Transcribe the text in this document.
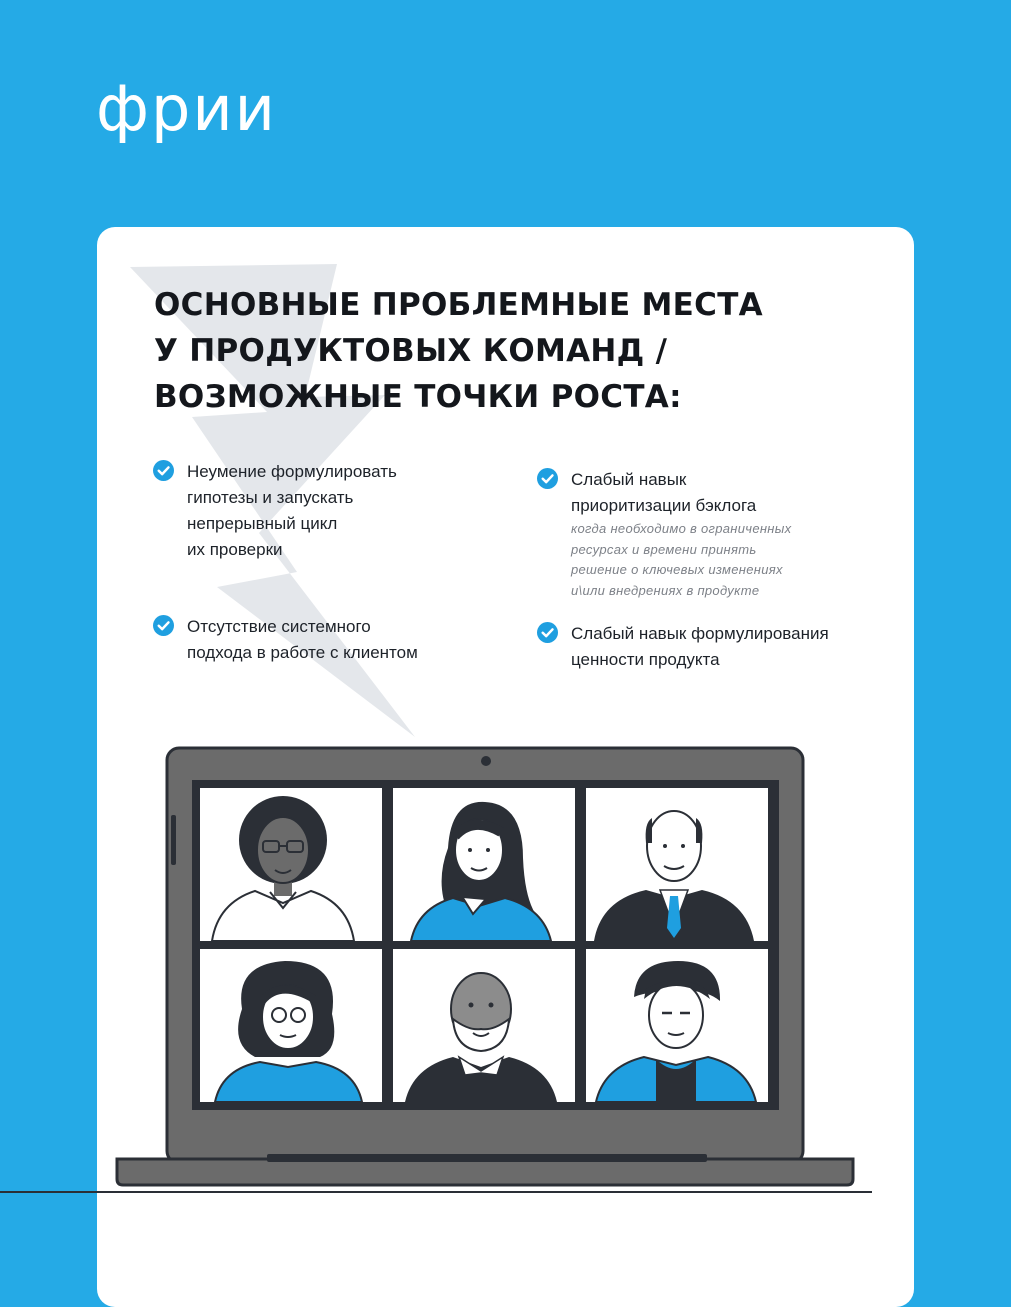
фрии
ОСНОВНЫЕ ПРОБЛЕМНЫЕ МЕСТА
У ПРОДУКТОВЫХ КОМАНД /
ВОЗМОЖНЫЕ ТОЧКИ РОСТА:
Неумение формулировать
гипотезы и запускать
непрерывный цикл
их проверки
Слабый навык
приоритизации бэклога
когда необходимо в ограниченных
ресурсах и времени принять
решение о ключевых изменениях
и\или внедрениях в продукте
Отсутствие системного
подхода в работе с клиентом
Слабый навык формулирования
ценности продукта
